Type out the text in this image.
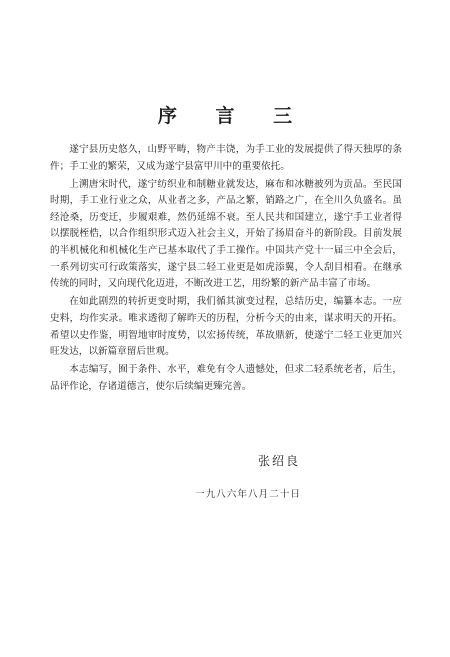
序 言 三

遂宁县历史悠久，山野平畴，物产丰饶，为手工业的发展提供了得天独厚的条件；手工业的繁荣，又成为遂宁县富甲川中的重要依托。

上溯唐宋时代，遂宁纺织业和制糖业就发达，麻布和冰糖被列为贡品。至民国时期，手工业行业之众，从业者之多，产品之繁，销路之广，在全川久负盛名。虽经沧桑，历变迁，步履艰难，然仍延绵不衰。至人民共和国建立，遂宁手工业者得以摆脱桎梏，以合作组织形式迈入社会主义，开始了扬眉奋斗的新阶段。目前发展的半机械化和机械化生产已基本取代了手工操作。中国共产党十一届三中全会后，一系列切实可行政策落实，遂宁县二轻工业更是如虎添翼，令人刮目相看。在继承传统的同时，又向现代化迈进，不断改进工艺，用纷繁的新产品丰富了市场。

在如此剧烈的转折更变时期，我们循其演变过程，总结历史，编纂本志。一应史料，均作实录。唯求透彻了解昨天的历程，分析今天的由来，谋求明天的开拓。希望以史作鉴，明智地审时度势，以宏扬传统，革故鼎新，使遂宁二轻工业更加兴旺发达，以新篇章留后世观。

本志编写，囿于条件、水平，难免有令人遗憾处，但求二轻系统老者，后生，品评作论，存诸道德言，使尔后续编更臻完善。

张绍良
一九八六年八月二十日
